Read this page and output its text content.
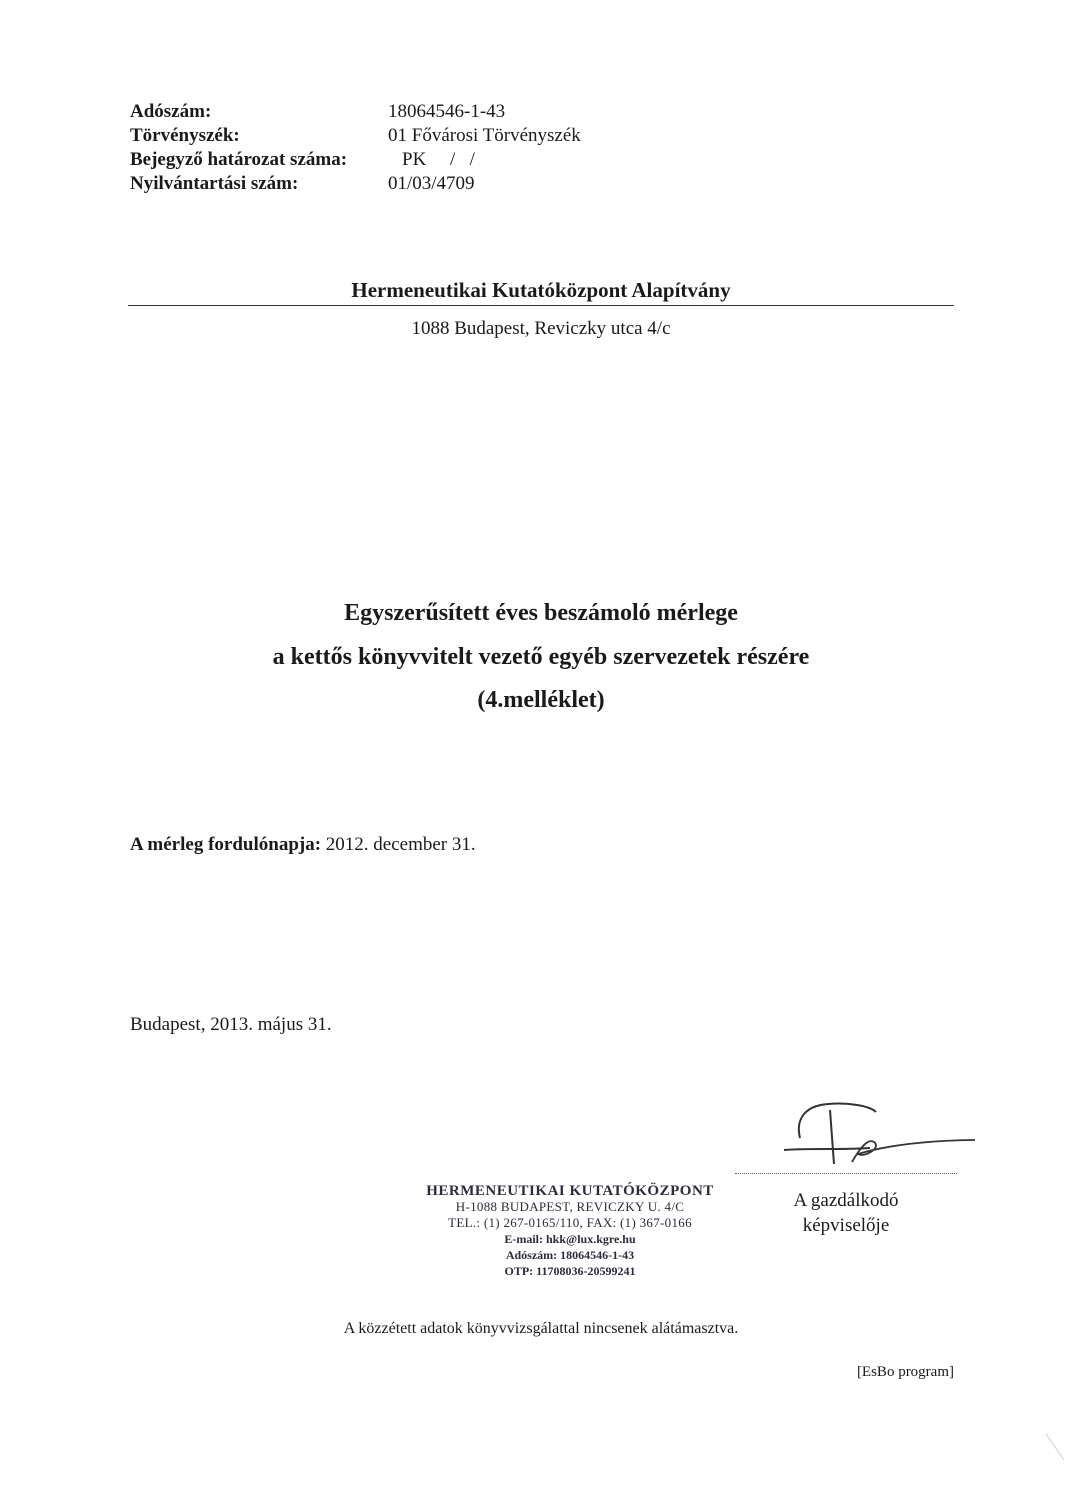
Adószám:	18064546-1-43
Törvényszék:	01 Fővárosi Törvényszék
Bejegyző határozat száma:	PK     /   /
Nyilvántartási szám:	01/03/4709
Hermeneutikai Kutatóközpont Alapítvány
1088 Budapest, Reviczky utca 4/c
Egyszerűsített éves beszámoló mérlege
a kettős könyvvitelt vezető egyéb szervezetek részére
(4.melléklet)
A mérleg fordulónapja: 2012. december 31.
Budapest, 2013. május 31.
A gazdálkodó
képviselője
HERMENEUTIKAI KUTATÓKÖZPONT
H-1088 BUDAPEST, REVICZKY U. 4/C
TEL.: (1) 267-0165/110, FAX: (1) 367-0166
E-mail: hkk@lux.kgre.hu
Adószám: 18064546-1-43
OTP: 11708036-20599241
A közzétett adatok könyvvizsgálattal nincsenek alátámasztva.
[EsBo program]
